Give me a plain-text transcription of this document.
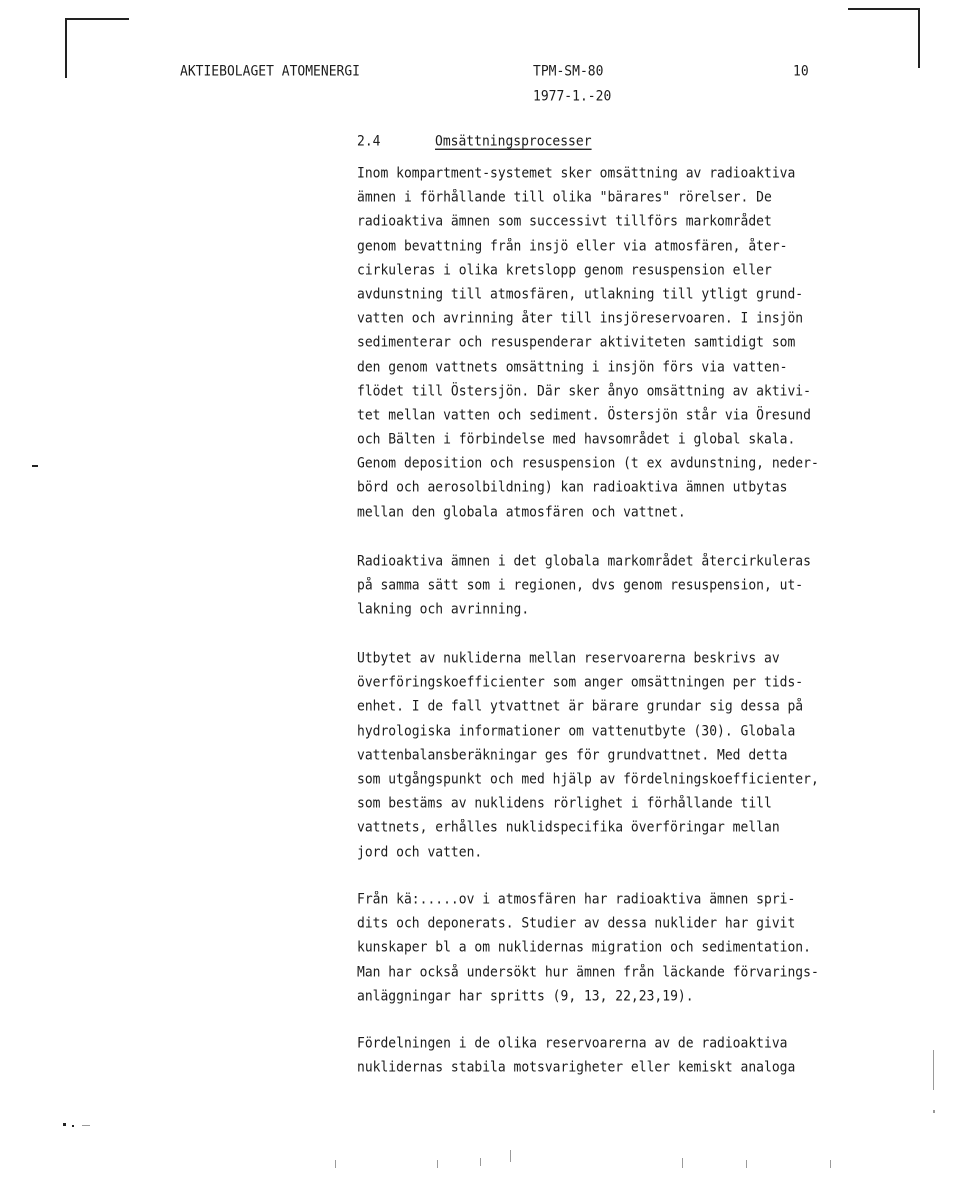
AKTIEBOLAGET ATOMENERGI	TPM-SM-80	10
1977-1.-20
2.4	Omsättningsprocesser
Inom kompartment-systemet sker omsättning av radioaktiva
ämnen i förhållande till olika "bärares" rörelser. De
radioaktiva ämnen som successivt tillförs markområdet
genom bevattning från insjö eller via atmosfären, åter-
cirkuleras i olika kretslopp genom resuspension eller
avdunstning till atmosfären, utlakning till ytligt grund-
vatten och avrinning åter till insjöreservoaren. I insjön
sedimenterar och resuspenderar aktiviteten samtidigt som
den genom vattnets omsättning i insjön förs via vatten-
flödet till Östersjön. Där sker ånyo omsättning av aktivi-
tet mellan vatten och sediment. Östersjön står via Öresund
och Bälten i förbindelse med havsområdet i global skala.
Genom deposition och resuspension (t ex avdunstning, neder-
börd och aerosolbildning) kan radioaktiva ämnen utbytas
mellan den globala atmosfären och vattnet.
Radioaktiva ämnen i det globala markområdet återcirkuleras
på samma sätt som i regionen, dvs genom resuspension, ut-
lakning och avrinning.
Utbytet av nukliderna mellan reservoarerna beskrivs av
överföringskoefficienter som anger omsättningen per tids-
enhet. I de fall ytvattnet är bärare grundar sig dessa på
hydrologiska informationer om vattenutbyte (30). Globala
vattenbalansberäkningar ges för grundvattnet. Med detta
som utgångspunkt och med hjälp av fördelningskoefficienter,
som bestäms av nuklidens rörlighet i förhållande till
vattnets, erhålles nuklidspecifika överföringar mellan
jord och vatten.
Från kä:.....ov i atmosfären har radioaktiva ämnen spri-
dits och deponerats. Studier av dessa nuklider har givit
kunskaper bl a om nuklidernas migration och sedimentation.
Man har också undersökt hur ämnen från läckande förvarings-
anläggningar har spritts (9, 13, 22,23,19).
Fördelningen i de olika reservoarerna av de radioaktiva
nuklidernas stabila motsvarigheter eller kemiskt analoga
